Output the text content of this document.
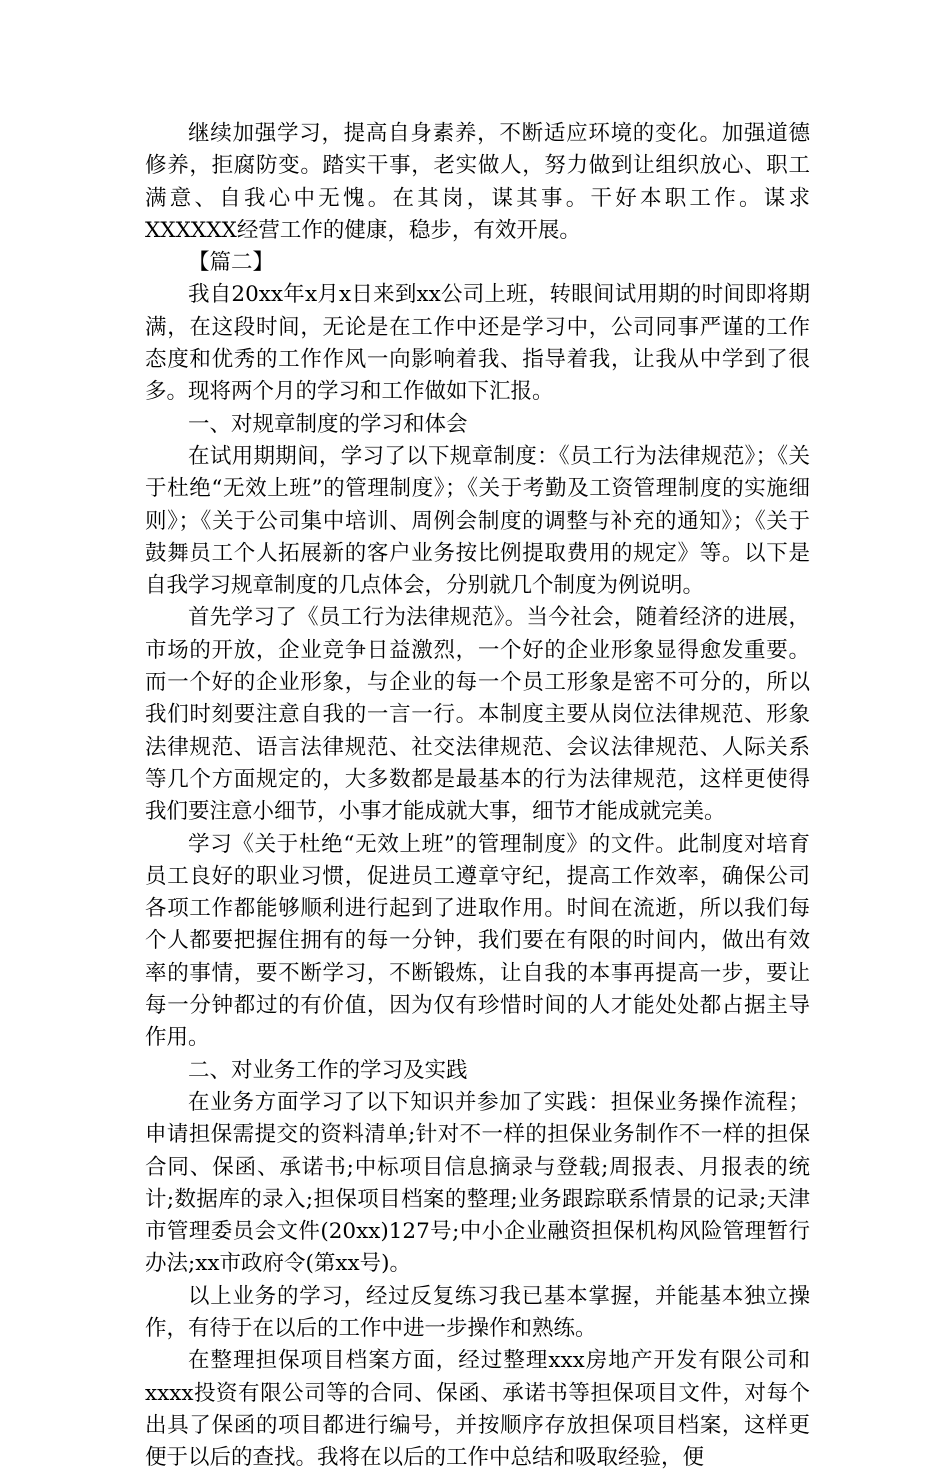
继续加强学习，提高自身素养，不断适应环境的变化。加强道德修养，拒腐防变。踏实干事，老实做人，努力做到让组织放心、职工满意、自我心中无愧。在其岗，谋其事。干好本职工作。谋求XXXXXX经营工作的健康，稳步，有效开展。

【篇二】

我自20xx年x月x日来到xx公司上班，转眼间试用期的时间即将期满，在这段时间，无论是在工作中还是学习中，公司同事严谨的工作态度和优秀的工作作风一向影响着我、指导着我，让我从中学到了很多。现将两个月的学习和工作做如下汇报。

一、对规章制度的学习和体会

在试用期期间，学习了以下规章制度：《员工行为法律规范》；《关于杜绝“无效上班”的管理制度》；《关于考勤及工资管理制度的实施细则》；《关于公司集中培训、周例会制度的调整与补充的通知》；《关于鼓舞员工个人拓展新的客户业务按比例提取费用的规定》等。以下是自我学习规章制度的几点体会，分别就几个制度为例说明。

首先学习了《员工行为法律规范》。当今社会，随着经济的进展，市场的开放，企业竞争日益激烈，一个好的企业形象显得愈发重要。而一个好的企业形象，与企业的每一个员工形象是密不可分的，所以我们时刻要注意自我的一言一行。本制度主要从岗位法律规范、形象法律规范、语言法律规范、社交法律规范、会议法律规范、人际关系等几个方面规定的，大多数都是最基本的行为法律规范，这样更使得我们要注意小细节，小事才能成就大事，细节才能成就完美。

学习《关于杜绝“无效上班”的管理制度》的文件。此制度对培育员工良好的职业习惯，促进员工遵章守纪，提高工作效率，确保公司各项工作都能够顺利进行起到了进取作用。时间在流逝，所以我们每个人都要把握住拥有的每一分钟，我们要在有限的时间内，做出有效率的事情，要不断学习，不断锻炼，让自我的本事再提高一步，要让每一分钟都过的有价值，因为仅有珍惜时间的人才能处处都占据主导作用。

二、对业务工作的学习及实践

在业务方面学习了以下知识并参加了实践：担保业务操作流程；申请担保需提交的资料清单;针对不一样的担保业务制作不一样的担保合同、保函、承诺书;中标项目信息摘录与登载;周报表、月报表的统计;数据库的录入;担保项目档案的整理;业务跟踪联系情景的记录;天津市管理委员会文件(20xx)127号;中小企业融资担保机构风险管理暂行办法;xx市政府令(第xx号)。

以上业务的学习，经过反复练习我已基本掌握，并能基本独立操作，有待于在以后的工作中进一步操作和熟练。

在整理担保项目档案方面，经过整理xxx房地产开发有限公司和xxxx投资有限公司等的合同、保函、承诺书等担保项目文件，对每个出具了保函的项目都进行编号，并按顺序存放担保项目档案，这样更便于以后的查找。我将在以后的工作中总结和吸取经验，便
